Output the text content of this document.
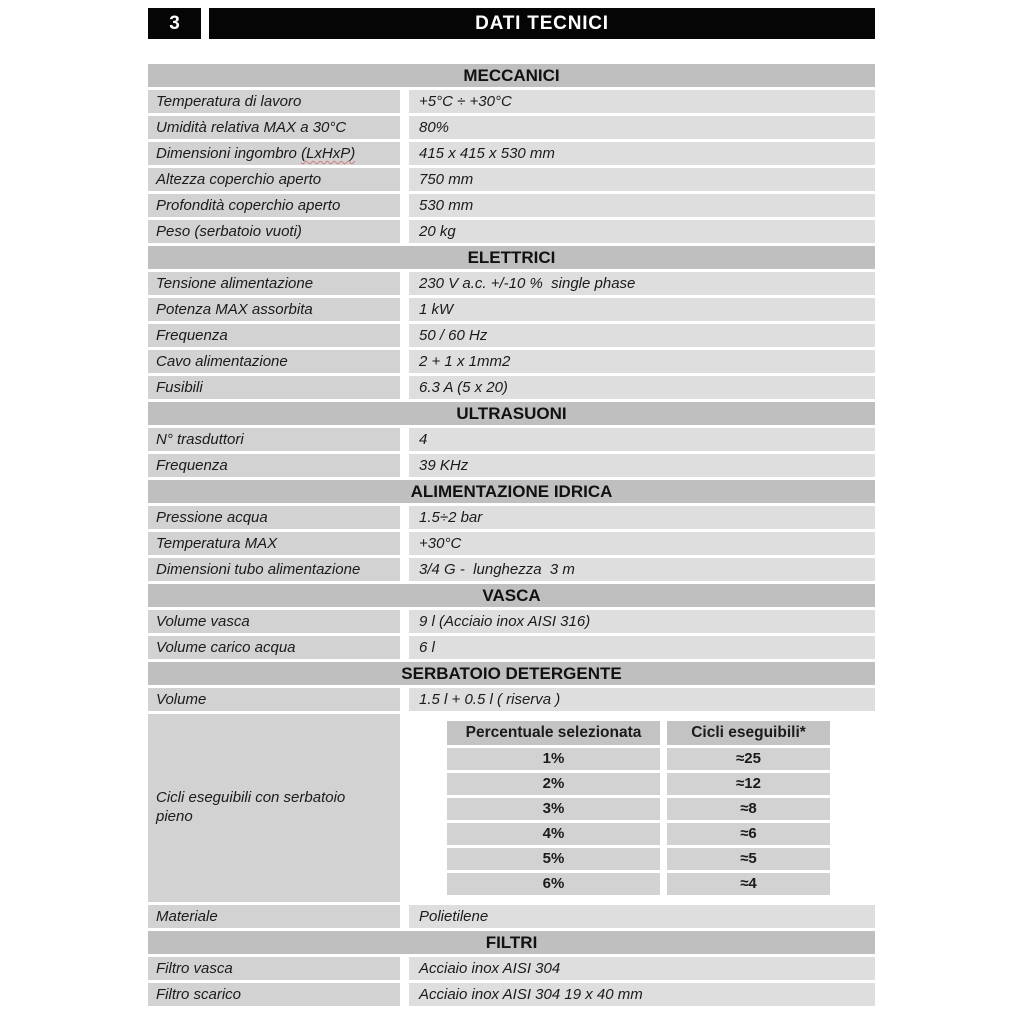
3	DATI TECNICI
MECCANICI
Temperatura di lavoro	+5°C ÷ +30°C
Umidità relativa MAX a 30°C	80%
Dimensioni ingombro (LxHxP)	415 x 415 x 530 mm
Altezza coperchio aperto	750 mm
Profondità coperchio aperto	530 mm
Peso (serbatoio vuoti)	20 kg
ELETTRICI
Tensione alimentazione	230 V a.c. +/-10 %  single phase
Potenza MAX assorbita	1 kW
Frequenza	50 / 60 Hz
Cavo alimentazione	2 + 1 x 1mm2
Fusibili	6.3 A (5 x 20)
ULTRASUONI
N° trasduttori	4
Frequenza	39 KHz
ALIMENTAZIONE IDRICA
Pressione acqua	1.5÷2 bar
Temperatura MAX	+30°C
Dimensioni tubo alimentazione	3/4 G -  lunghezza  3 m
VASCA
Volume vasca	9 l (Acciaio inox AISI 316)
Volume carico acqua	6 l
SERBATOIO DETERGENTE
Volume	1.5 l + 0.5 l ( riserva )
Cicli eseguibili con serbatoio pieno
Percentuale selezionata	Cicli eseguibili*
1%	≈25
2%	≈12
3%	≈8
4%	≈6
5%	≈5
6%	≈4
Materiale	Polietilene
FILTRI
Filtro vasca	Acciaio inox AISI 304
Filtro scarico	Acciaio inox AISI 304 19 x 40 mm
